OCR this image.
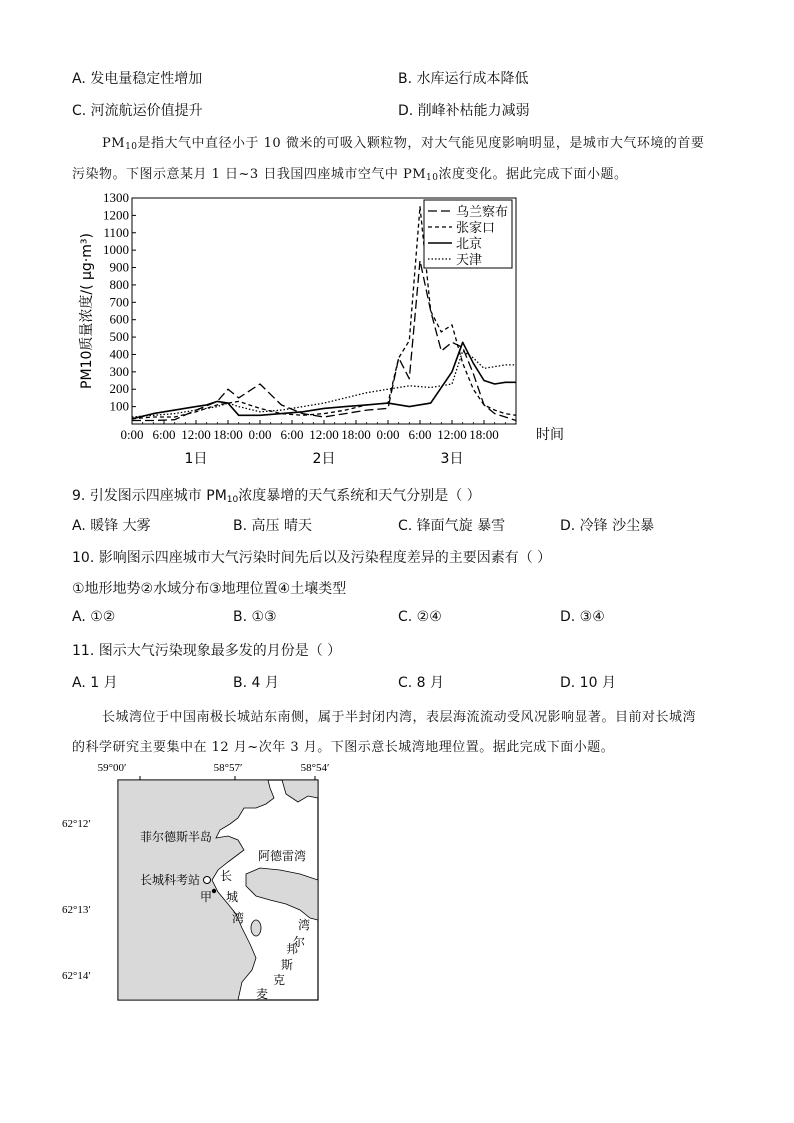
A. 发电量稳定性增加	B. 水库运行成本降低
C. 河流航运价值提升	D. 削峰补枯能力减弱
$PM_{10}$是指大气中直径小于 10 微米的可吸入颗粒物，对大气能见度影响明显，是城市大气环境的首要
污染物。下图示意某月 1 日~3 日我国四座城市空气中 $PM_{10}$浓度变化。据此完成下面小题。
乌兰察布
张家口
北京
天津
100
200
300
400
500
600
700
800
900
1000
1100
1200
1300
0:00 6:00 12:00 18:00 0:00 6:00 12:00 18:00 0:00 6:00 12:00 18:00	时间
1日	2日	3日
PM10质量浓度/( μg·m³)
9. 引发图示四座城市 $PM_{10}$浓度暴增的天气系统和天气分别是（ ）
A. 暖锋 大雾	B. 高压 晴天	C. 锋面气旋 暴雪	D. 冷锋 沙尘暴
10. 影响图示四座城市大气污染时间先后以及污染程度差异的主要因素有（ ）
①地形地势②水域分布③地理位置④土壤类型
A. ①②	B. ①③	C. ②④	D. ③④
11. 图示大气污染现象最多发的月份是（ ）
A. 1 月	B. 4 月	C. 8 月	D. 10 月
长城湾位于中国南极长城站东南侧，属于半封闭内湾，表层海流流动受风况影响显著。目前对长城湾
的科学研究主要集中在 12 月~次年 3 月。下图示意长城湾地理位置。据此完成下面小题。
59°00′	58°57′	58°54′
62°12′
62°13′
62°14′
菲尔德斯半岛
阿德雷湾
长城科考站
甲
长
城
湾	湾
尔
邦
斯
克
麦
